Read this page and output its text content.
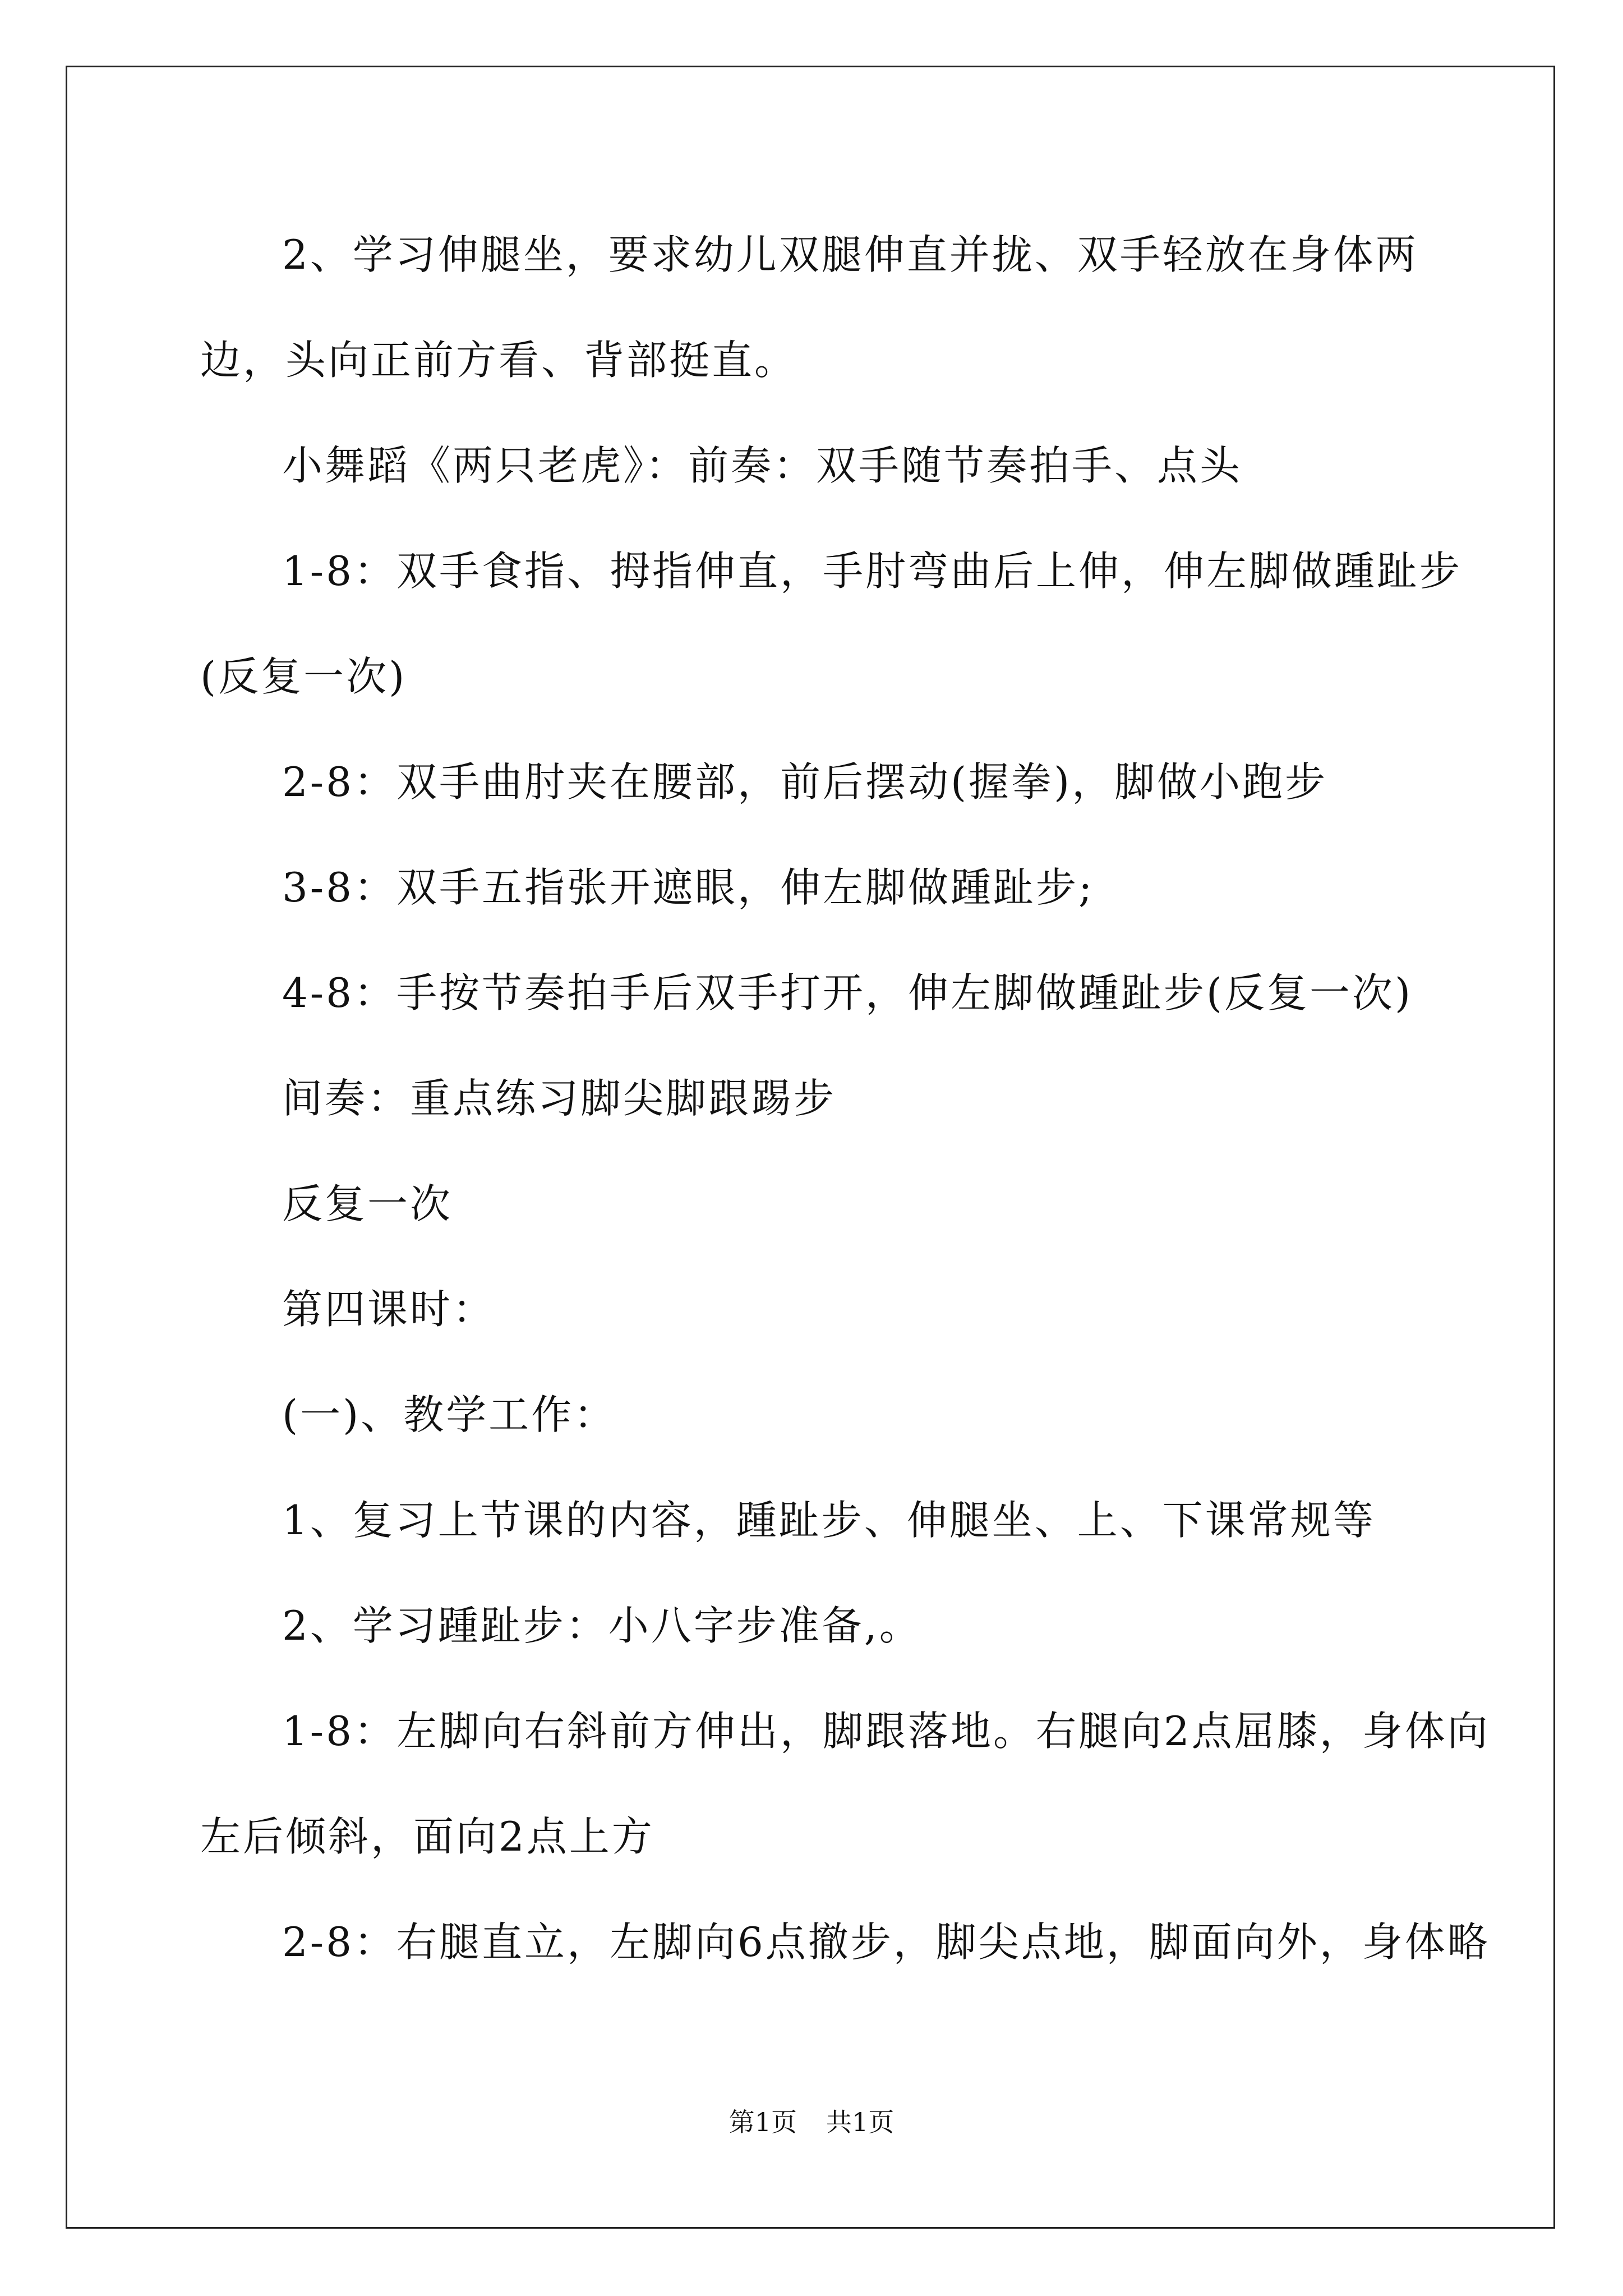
2、学习伸腿坐，要求幼儿双腿伸直并拢、双手轻放在身体两边，头向正前方看、背部挺直。

小舞蹈《两只老虎》：前奏：双手随节奏拍手、点头

1-8：双手食指、拇指伸直，手肘弯曲后上伸，伸左脚做踵趾步(反复一次)

2-8：双手曲肘夹在腰部，前后摆动(握拳)，脚做小跑步

3-8：双手五指张开遮眼，伸左脚做踵趾步;

4-8：手按节奏拍手后双手打开，伸左脚做踵趾步(反复一次)

间奏：重点练习脚尖脚跟踢步

反复一次

第四课时：

(一)、教学工作：

1、复习上节课的内容，踵趾步、伸腿坐、上、下课常规等

2、学习踵趾步：小八字步准备,。

1-8：左脚向右斜前方伸出，脚跟落地。右腿向2点屈膝，身体向左后倾斜，面向2点上方

2-8：右腿直立，左脚向6点撤步，脚尖点地，脚面向外，身体略

第1页 共1页
